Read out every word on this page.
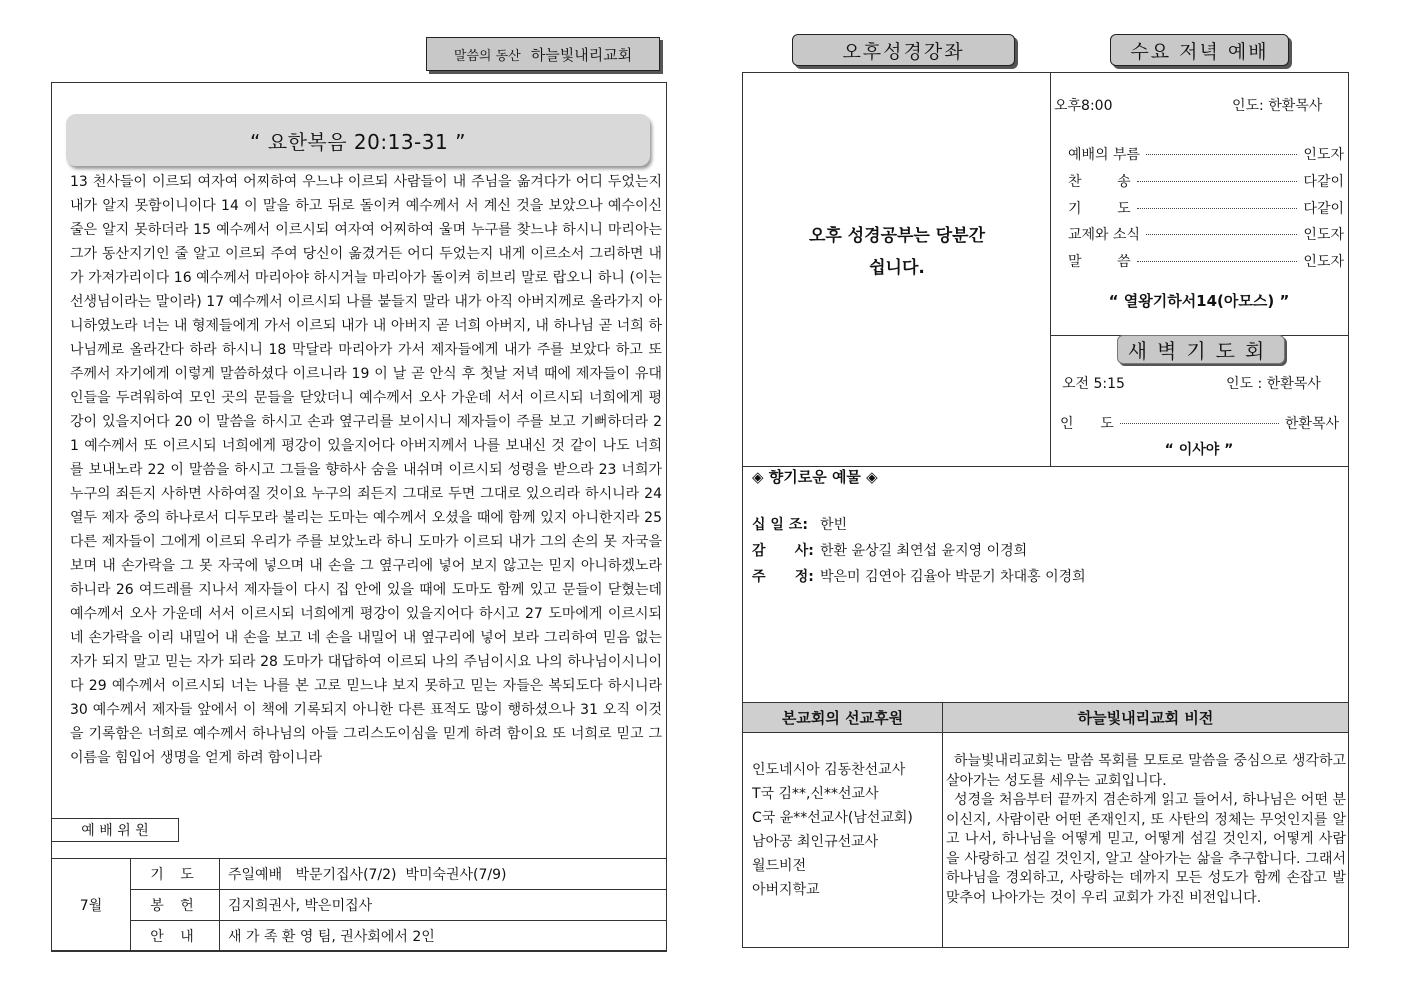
말씀의 동산 하늘빛내리교회
“ 요한복음 20:13-31 ”
13 천사들이 이르되 여자여 어찌하여 우느냐 이르되 사람들이 내 주님을 옮겨다가 어디 두었는지 내가 알지 못함이니이다 14 이 말을 하고 뒤로 돌이켜 예수께서 서 계신 것을 보았으나 예수이신 줄은 알지 못하더라 15 예수께서 이르시되 여자여 어찌하여 울며 누구를 찾느냐 하시니 마리아는 그가 동산지기인 줄 알고 이르되 주여 당신이 옮겼거든 어디 두었는지 내게 이르소서 그리하면 내가 가져가리이다 16 예수께서 마리아야 하시거늘 마리아가 돌이켜 히브리 말로 랍오니 하니 (이는 선생님이라는 말이라) 17 예수께서 이르시되 나를 붙들지 말라 내가 아직 아버지께로 올라가지 아니하였노라 너는 내 형제들에게 가서 이르되 내가 내 아버지 곧 너희 아버지, 내 하나님 곧 너희 하나님께로 올라간다 하라 하시니 18 막달라 마리아가 가서 제자들에게 내가 주를 보았다 하고 또 주께서 자기에게 이렇게 말씀하셨다 이르니라 19 이 날 곧 안식 후 첫날 저녁 때에 제자들이 유대인들을 두려워하여 모인 곳의 문들을 닫았더니 예수께서 오사 가운데 서서 이르시되 너희에게 평강이 있을지어다 20 이 말씀을 하시고 손과 옆구리를 보이시니 제자들이 주를 보고 기뻐하더라 21 예수께서 또 이르시되 너희에게 평강이 있을지어다 아버지께서 나를 보내신 것 같이 나도 너희를 보내노라 22 이 말씀을 하시고 그들을 향하사 숨을 내쉬며 이르시되 성령을 받으라 23 너희가 누구의 죄든지 사하면 사하여질 것이요 누구의 죄든지 그대로 두면 그대로 있으리라 하시니라 24 열두 제자 중의 하나로서 디두모라 불리는 도마는 예수께서 오셨을 때에 함께 있지 아니한지라 25 다른 제자들이 그에게 이르되 우리가 주를 보았노라 하니 도마가 이르되 내가 그의 손의 못 자국을 보며 내 손가락을 그 못 자국에 넣으며 내 손을 그 옆구리에 넣어 보지 않고는 믿지 아니하겠노라 하니라 26 여드레를 지나서 제자들이 다시 집 안에 있을 때에 도마도 함께 있고 문들이 닫혔는데 예수께서 오사 가운데 서서 이르시되 너희에게 평강이 있을지어다 하시고 27 도마에게 이르시되 네 손가락을 이리 내밀어 내 손을 보고 네 손을 내밀어 내 옆구리에 넣어 보라 그리하여 믿음 없는 자가 되지 말고 믿는 자가 되라 28 도마가 대답하여 이르되 나의 주님이시요 나의 하나님이시니이다 29 예수께서 이르시되 너는 나를 본 고로 믿느냐 보지 못하고 믿는 자들은 복되도다 하시니라 30 예수께서 제자들 앞에서 이 책에 기록되지 아니한 다른 표적도 많이 행하셨으나 31 오직 이것을 기록함은 너희로 예수께서 하나님의 아들 그리스도이심을 믿게 하려 함이요 또 너희로 믿고 그 이름을 힘입어 생명을 얻게 하려 함이니라
예 배 위 원
7월	기 도	주일예배   박문기집사(7/2)  박미숙권사(7/9)
	봉 헌	김지희권사, 박은미집사
	안 내	새 가 족 환 영 팀, 권사회에서 2인
오후성경강좌	수요 저녁 예배
오후 성경공부는 당분간
쉽니다.
오후8:00	인도: 한환목사
예배의 부름	인도자
찬        송	다같이
기        도	다같이
교제와 소식	인도자
말        씀	인도자
“ 열왕기하서14(아모스) ”
새벽기도회
오전 5:15	인도 : 한환목사
인      도	한환목사
“ 이사야 ”
◈ 향기로운 예물 ◈
십 일 조: 한빈
감      사: 한환 윤상길 최연섭 윤지영 이경희
주      정: 박은미 김연아 김율아 박문기 차대홍 이경희
본교회의 선교후원	하늘빛내리교회 비전
인도네시아 김동찬선교사
T국 김**,신**선교사
C국 윤**선교사(남선교회)
남아공 최인규선교사
월드비전
아버지학교
하늘빛내리교회는 말씀 목회를 모토로 말씀을 중심으로 생각하고 살아가는 성도를 세우는 교회입니다.
성경을 처음부터 끝까지 겸손하게 읽고 들어서, 하나님은 어떤 분이신지, 사람이란 어떤 존재인지, 또 사탄의 정체는 무엇인지를 알고 나서, 하나님을 어떻게 믿고, 어떻게 섬길 것인지, 어떻게 사람을 사랑하고 섬길 것인지, 알고 살아가는 삶을 추구합니다. 그래서 하나님을 경외하고, 사랑하는 데까지 모든 성도가 함께 손잡고 발 맞추어 나아가는 것이 우리 교회가 가진 비전입니다.
